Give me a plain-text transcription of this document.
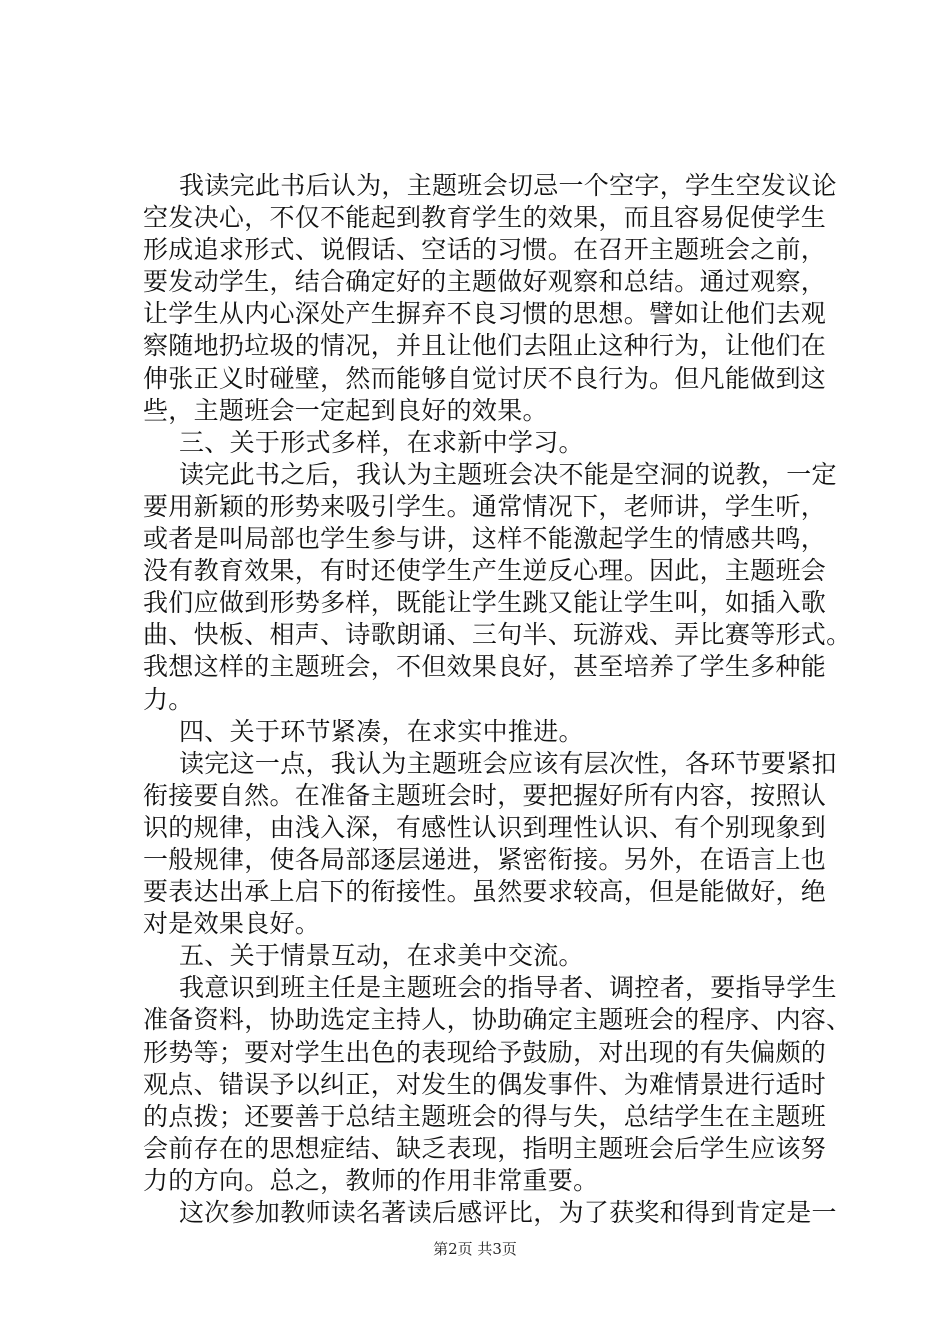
我读完此书后认为，主题班会切忌一个空字，学生空发议论
空发决心，不仅不能起到教育学生的效果，而且容易促使学生
形成追求形式、说假话、空话的习惯。在召开主题班会之前，
要发动学生，结合确定好的主题做好观察和总结。通过观察，
让学生从内心深处产生摒弃不良习惯的思想。譬如让他们去观
察随地扔垃圾的情况，并且让他们去阻止这种行为，让他们在
伸张正义时碰壁，然而能够自觉讨厌不良行为。但凡能做到这
些，主题班会一定起到良好的效果。
三、关于形式多样，在求新中学习。
读完此书之后，我认为主题班会决不能是空洞的说教，一定
要用新颖的形势来吸引学生。通常情况下，老师讲，学生听，
或者是叫局部也学生参与讲，这样不能激起学生的情感共鸣，
没有教育效果，有时还使学生产生逆反心理。因此，主题班会
我们应做到形势多样，既能让学生跳又能让学生叫，如插入歌
曲、快板、相声、诗歌朗诵、三句半、玩游戏、弄比赛等形式。
我想这样的主题班会，不但效果良好，甚至培养了学生多种能
力。
四、关于环节紧凑，在求实中推进。
读完这一点，我认为主题班会应该有层次性，各环节要紧扣
衔接要自然。在准备主题班会时，要把握好所有内容，按照认
识的规律，由浅入深，有感性认识到理性认识、有个别现象到
一般规律，使各局部逐层递进，紧密衔接。另外，在语言上也
要表达出承上启下的衔接性。虽然要求较高，但是能做好，绝
对是效果良好。
五、关于情景互动，在求美中交流。
我意识到班主任是主题班会的指导者、调控者，要指导学生
准备资料，协助选定主持人，协助确定主题班会的程序、内容、
形势等；要对学生出色的表现给予鼓励，对出现的有失偏颇的
观点、错误予以纠正，对发生的偶发事件、为难情景进行适时
的点拨；还要善于总结主题班会的得与失，总结学生在主题班
会前存在的思想症结、缺乏表现，指明主题班会后学生应该努
力的方向。总之，教师的作用非常重要。
这次参加教师读名著读后感评比，为了获奖和得到肯定是一
第2页 共3页
